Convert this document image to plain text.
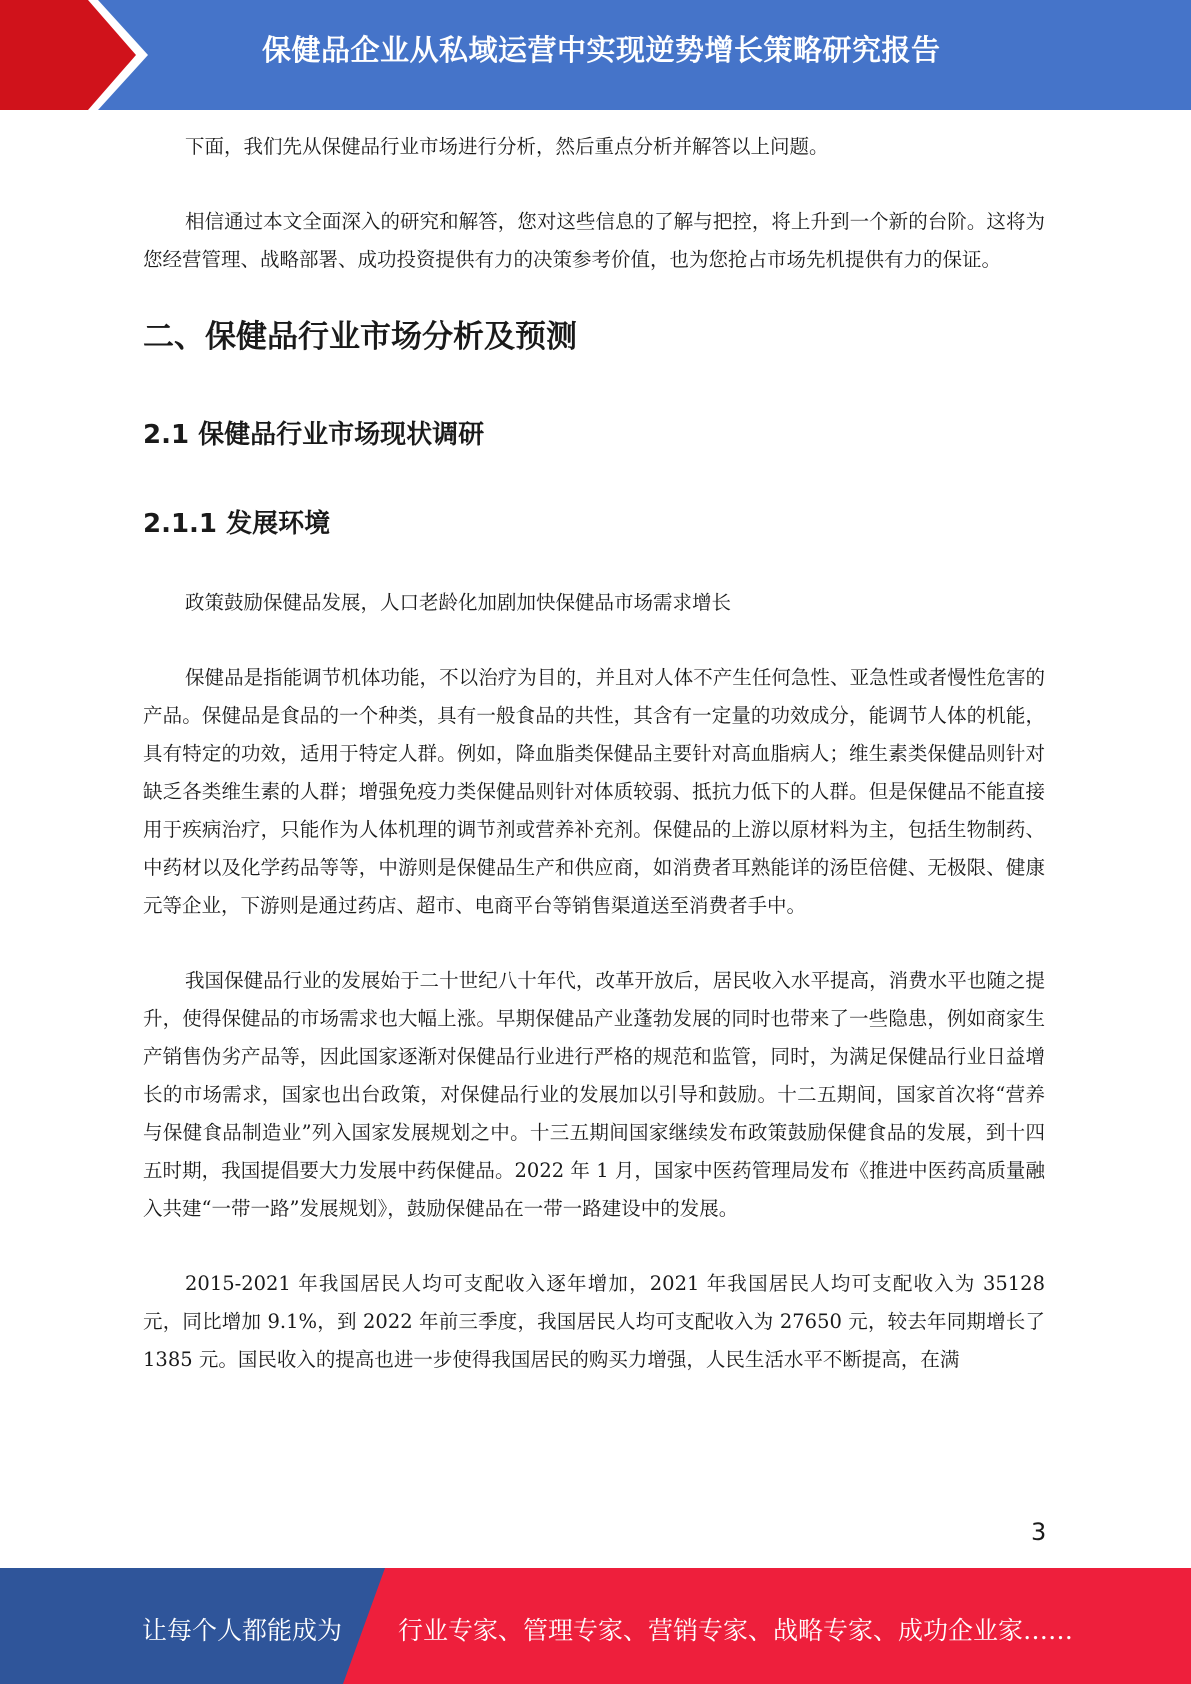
保健品企业从私域运营中实现逆势增长策略研究报告

下面，我们先从保健品行业市场进行分析，然后重点分析并解答以上问题。

相信通过本文全面深入的研究和解答，您对这些信息的了解与把控，将上升到一个新的台阶。这将为您经营管理、战略部署、成功投资提供有力的决策参考价值，也为您抢占市场先机提供有力的保证。

二、保健品行业市场分析及预测
2.1 保健品行业市场现状调研
2.1.1 发展环境

政策鼓励保健品发展，人口老龄化加剧加快保健品市场需求增长

保健品是指能调节机体功能，不以治疗为目的，并且对人体不产生任何急性、亚急性或者慢性危害的产品。保健品是食品的一个种类，具有一般食品的共性，其含有一定量的功效成分，能调节人体的机能，具有特定的功效，适用于特定人群。例如，降血脂类保健品主要针对高血脂病人；维生素类保健品则针对缺乏各类维生素的人群；增强免疫力类保健品则针对体质较弱、抵抗力低下的人群。但是保健品不能直接用于疾病治疗，只能作为人体机理的调节剂或营养补充剂。保健品的上游以原材料为主，包括生物制药、中药材以及化学药品等等，中游则是保健品生产和供应商，如消费者耳熟能详的汤臣倍健、无极限、健康元等企业，下游则是通过药店、超市、电商平台等销售渠道送至消费者手中。

我国保健品行业的发展始于二十世纪八十年代，改革开放后，居民收入水平提高，消费水平也随之提升，使得保健品的市场需求也大幅上涨。早期保健品产业蓬勃发展的同时也带来了一些隐患，例如商家生产销售伪劣产品等，因此国家逐渐对保健品行业进行严格的规范和监管，同时，为满足保健品行业日益增长的市场需求，国家也出台政策，对保健品行业的发展加以引导和鼓励。十二五期间，国家首次将“营养与保健食品制造业”列入国家发展规划之中。十三五期间国家继续发布政策鼓励保健食品的发展，到十四五时期，我国提倡要大力发展中药保健品。2022 年 1 月，国家中医药管理局发布《推进中医药高质量融入共建“一带一路”发展规划》，鼓励保健品在一带一路建设中的发展。

2015-2021 年我国居民人均可支配收入逐年增加，2021 年我国居民人均可支配收入为 35128 元，同比增加 9.1%，到 2022 年前三季度，我国居民人均可支配收入为 27650 元，较去年同期增长了 1385 元。国民收入的提高也进一步使得我国居民的购买力增强，人民生活水平不断提高，在满

3
让每个人都能成为 行业专家、管理专家、营销专家、战略专家、成功企业家……
